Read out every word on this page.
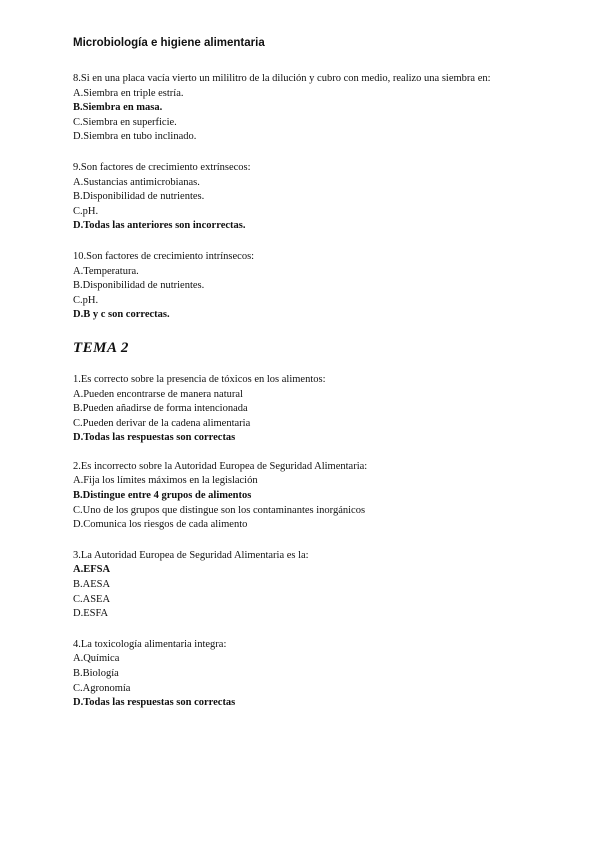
Microbiología e higiene alimentaria
8.Si en una placa vacía vierto un mililitro de la dilución y cubro con medio, realizo una siembra en:
A.Siembra en triple estría.
B.Siembra en masa.
C.Siembra en superficie.
D.Siembra en tubo inclinado.
9.Son factores de crecimiento extrínsecos:
A.Sustancias antimicrobianas.
B.Disponibilidad de nutrientes.
C.pH.
D.Todas las anteriores son incorrectas.
10.Son factores de crecimiento intrínsecos:
A.Temperatura.
B.Disponibilidad de nutrientes.
C.pH.
D.B y c son correctas.
TEMA 2
1.Es correcto sobre la presencia de tóxicos en los alimentos:
A.Pueden encontrarse de manera natural
B.Pueden añadirse de forma intencionada
C.Pueden derivar de la cadena alimentaria
D.Todas las respuestas son correctas
2.Es incorrecto sobre la Autoridad Europea de Seguridad Alimentaria:
A.Fija los límites máximos en la legislación
B.Distingue entre 4 grupos de alimentos
C.Uno de los grupos que distingue son los contaminantes inorgánicos
D.Comunica los riesgos de cada alimento
3.La Autoridad Europea de Seguridad Alimentaria es la:
A.EFSA
B.AESA
C.ASEA
D.ESFA
4.La toxicología alimentaria integra:
A.Química
B.Biología
C.Agronomía
D.Todas las respuestas son correctas
